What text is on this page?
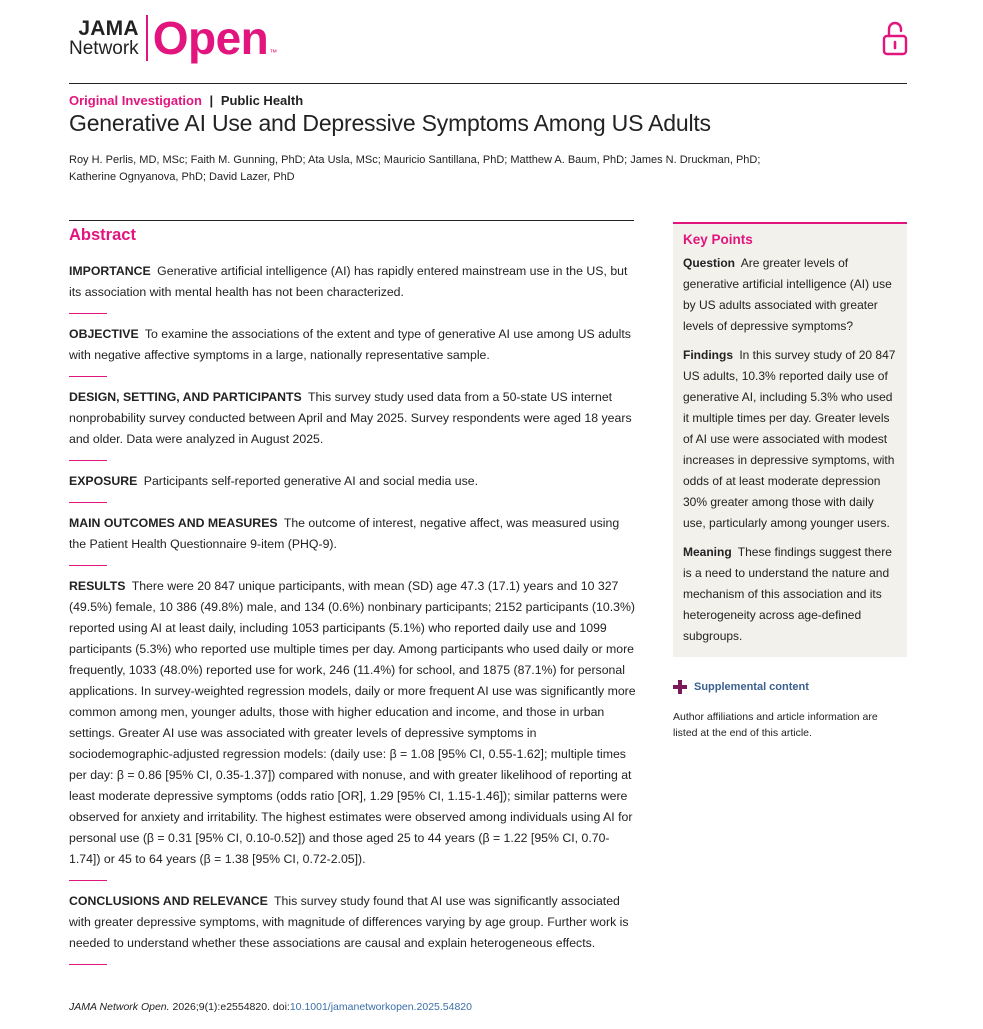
JAMA
Network Open ™
Original Investigation | Public Health
Generative AI Use and Depressive Symptoms Among US Adults
Roy H. Perlis, MD, MSc; Faith M. Gunning, PhD; Ata Usla, MSc; Mauricio Santillana, PhD; Matthew A. Baum, PhD; James N. Druckman, PhD;
Katherine Ognyanova, PhD; David Lazer, PhD
Abstract
IMPORTANCE Generative artificial intelligence (AI) has rapidly entered mainstream use in the US, but its association with mental health has not been characterized.
OBJECTIVE To examine the associations of the extent and type of generative AI use among US adults with negative affective symptoms in a large, nationally representative sample.
DESIGN, SETTING, AND PARTICIPANTS This survey study used data from a 50-state US internet nonprobability survey conducted between April and May 2025. Survey respondents were aged 18 years and older. Data were analyzed in August 2025.
EXPOSURE Participants self-reported generative AI and social media use.
MAIN OUTCOMES AND MEASURES The outcome of interest, negative affect, was measured using the Patient Health Questionnaire 9-item (PHQ-9).
RESULTS There were 20 847 unique participants, with mean (SD) age 47.3 (17.1) years and 10 327 (49.5%) female, 10 386 (49.8%) male, and 134 (0.6%) nonbinary participants; 2152 participants (10.3%) reported using AI at least daily, including 1053 participants (5.1%) who reported daily use and 1099 participants (5.3%) who reported use multiple times per day. Among participants who used daily or more frequently, 1033 (48.0%) reported use for work, 246 (11.4%) for school, and 1875 (87.1%) for personal applications. In survey-weighted regression models, daily or more frequent AI use was significantly more common among men, younger adults, those with higher education and income, and those in urban settings. Greater AI use was associated with greater levels of depressive symptoms in sociodemographic-adjusted regression models: (daily use: β = 1.08 [95% CI, 0.55-1.62]; multiple times per day: β = 0.86 [95% CI, 0.35-1.37]) compared with nonuse, and with greater likelihood of reporting at least moderate depressive symptoms (odds ratio [OR], 1.29 [95% CI, 1.15-1.46]); similar patterns were observed for anxiety and irritability. The highest estimates were observed among individuals using AI for personal use (β = 0.31 [95% CI, 0.10-0.52]) and those aged 25 to 44 years (β = 1.22 [95% CI, 0.70-1.74]) or 45 to 64 years (β = 1.38 [95% CI, 0.72-2.05]).
CONCLUSIONS AND RELEVANCE This survey study found that AI use was significantly associated with greater depressive symptoms, with magnitude of differences varying by age group. Further work is needed to understand whether these associations are causal and explain heterogeneous effects.
Key Points
Question Are greater levels of generative artificial intelligence (AI) use by US adults associated with greater levels of depressive symptoms?
Findings In this survey study of 20 847 US adults, 10.3% reported daily use of generative AI, including 5.3% who used it multiple times per day. Greater levels of AI use were associated with modest increases in depressive symptoms, with odds of at least moderate depression 30% greater among those with daily use, particularly among younger users.
Meaning These findings suggest there is a need to understand the nature and mechanism of this association and its heterogeneity across age-defined subgroups.
Supplemental content
Author affiliations and article information are listed at the end of this article.
JAMA Network Open. 2026;9(1):e2554820. doi:10.1001/jamanetworkopen.2025.54820
